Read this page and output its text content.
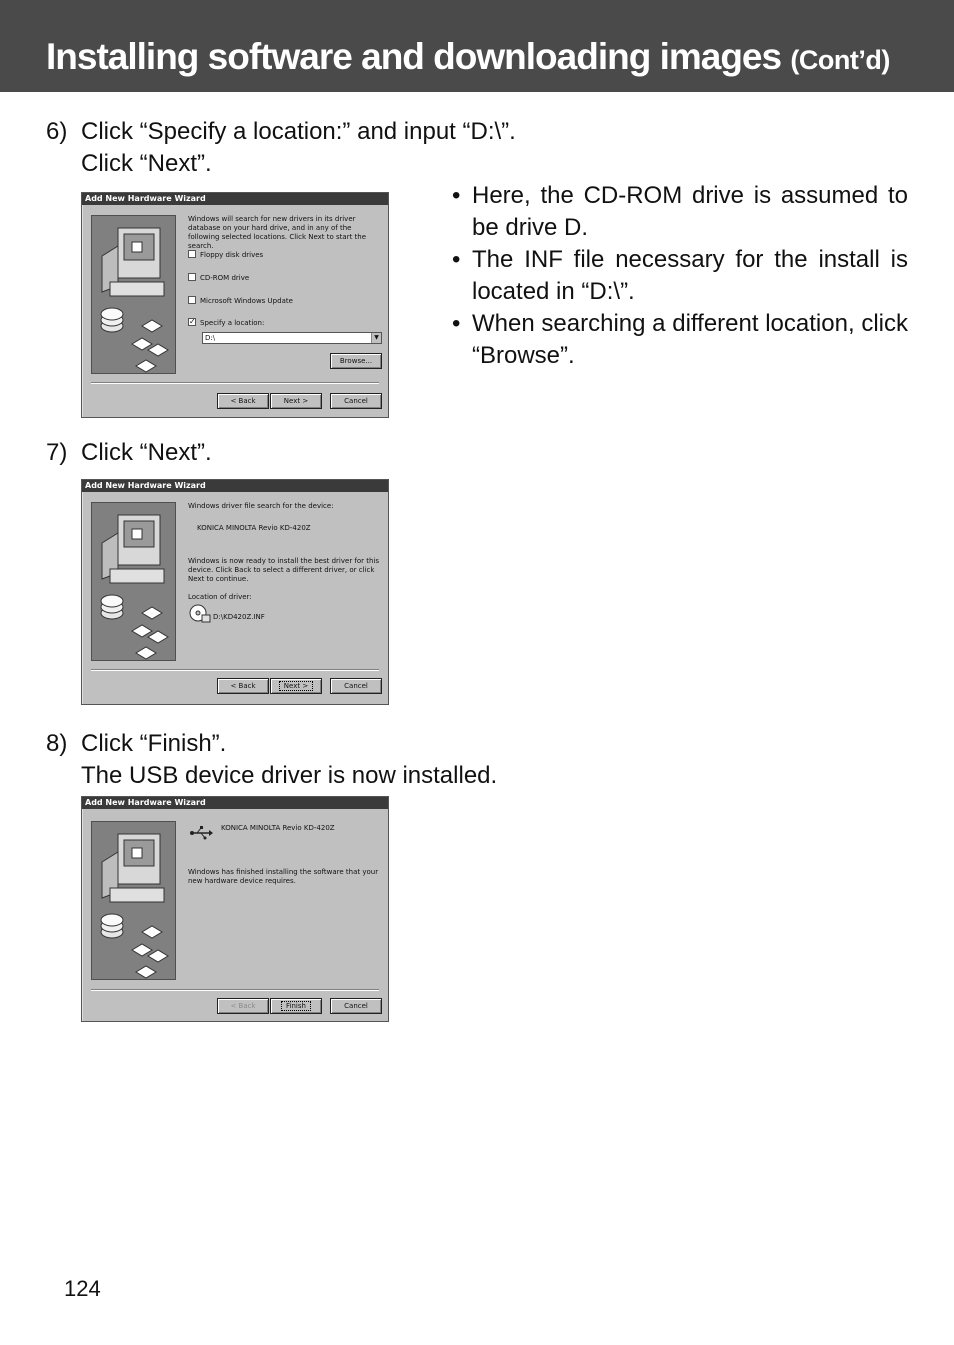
Installing software and downloading images (Cont’d)
6) Click “Specify a location:” and input “D:\”.
Click “Next”.
Add New Hardware Wizard
Windows will search for new drivers in its driver database on your hard drive, and in any of the following selected locations. Click Next to start the search.
Floppy disk drives
CD-ROM drive
Microsoft Windows Update
✓Specify a location:
D:\	▼
Browse...
< Back	Next >	Cancel
• Here, the CD-ROM drive is assumed to be drive D.
• The INF file necessary for the install is located in “D:\”.
• When searching a different location, click “Browse”.
7) Click “Next”.
Add New Hardware Wizard
Windows driver file search for the device:
KONICA MINOLTA Revio KD-420Z
Windows is now ready to install the best driver for this device. Click Back to select a different driver, or click Next to continue.
Location of driver:
D:\KD420Z.INF
< Back	Next >	Cancel
8) Click “Finish”.
The USB device driver is now installed.
Add New Hardware Wizard
KONICA MINOLTA Revio KD-420Z
Windows has finished installing the software that your new hardware device requires.
< Back	Finish	Cancel
124
